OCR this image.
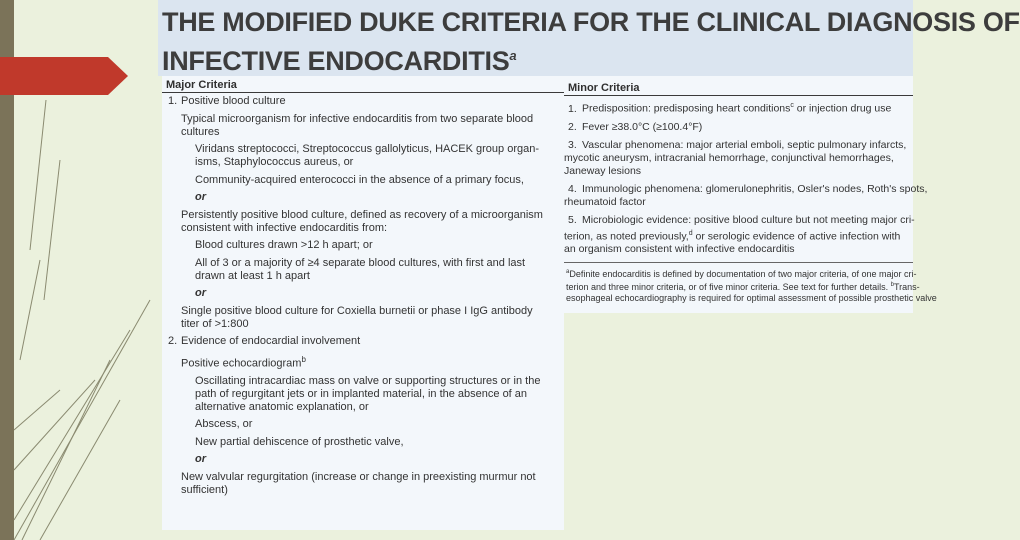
THE MODIFIED DUKE CRITERIA FOR THE CLINICAL DIAGNOSIS OF
INFECTIVE ENDOCARDITIS$^a$
Major Criteria
1. Positive blood culture
Typical microorganism for infective endocarditis from two separate blood
cultures
Viridans streptococci, Streptococcus gallolyticus, HACEK group organ-
isms, Staphylococcus aureus, or
Community-acquired enterococci in the absence of a primary focus,
or
Persistently positive blood culture, defined as recovery of a microorganism
consistent with infective endocarditis from:
Blood cultures drawn >12 h apart; or
All of 3 or a majority of ≥4 separate blood cultures, with first and last
drawn at least 1 h apart
or
Single positive blood culture for Coxiella burnetii or phase I IgG antibody
titer of >1:800
2. Evidence of endocardial involvement
Positive echocardiogram$^b$
Oscillating intracardiac mass on valve or supporting structures or in the
path of regurgitant jets or in implanted material, in the absence of an
alternative anatomic explanation, or
Abscess, or
New partial dehiscence of prosthetic valve,
or
New valvular regurgitation (increase or change in preexisting murmur not
sufficient)
Minor Criteria
1. Predisposition: predisposing heart conditions$^c$ or injection drug use
2. Fever ≥38.0°C (≥100.4°F)
3. Vascular phenomena: major arterial emboli, septic pulmonary infarcts,
mycotic aneurysm, intracranial hemorrhage, conjunctival hemorrhages,
Janeway lesions
4. Immunologic phenomena: glomerulonephritis, Osler's nodes, Roth's spots,
rheumatoid factor
5. Microbiologic evidence: positive blood culture but not meeting major cri-
terion, as noted previously,$^d$ or serologic evidence of active infection with
an organism consistent with infective endocarditis
$^a$Definite endocarditis is defined by documentation of two major criteria, of one major cri-
terion and three minor criteria, or of five minor criteria. See text for further details. $^b$Trans-
esophageal echocardiography is required for optimal assessment of possible prosthetic valve
